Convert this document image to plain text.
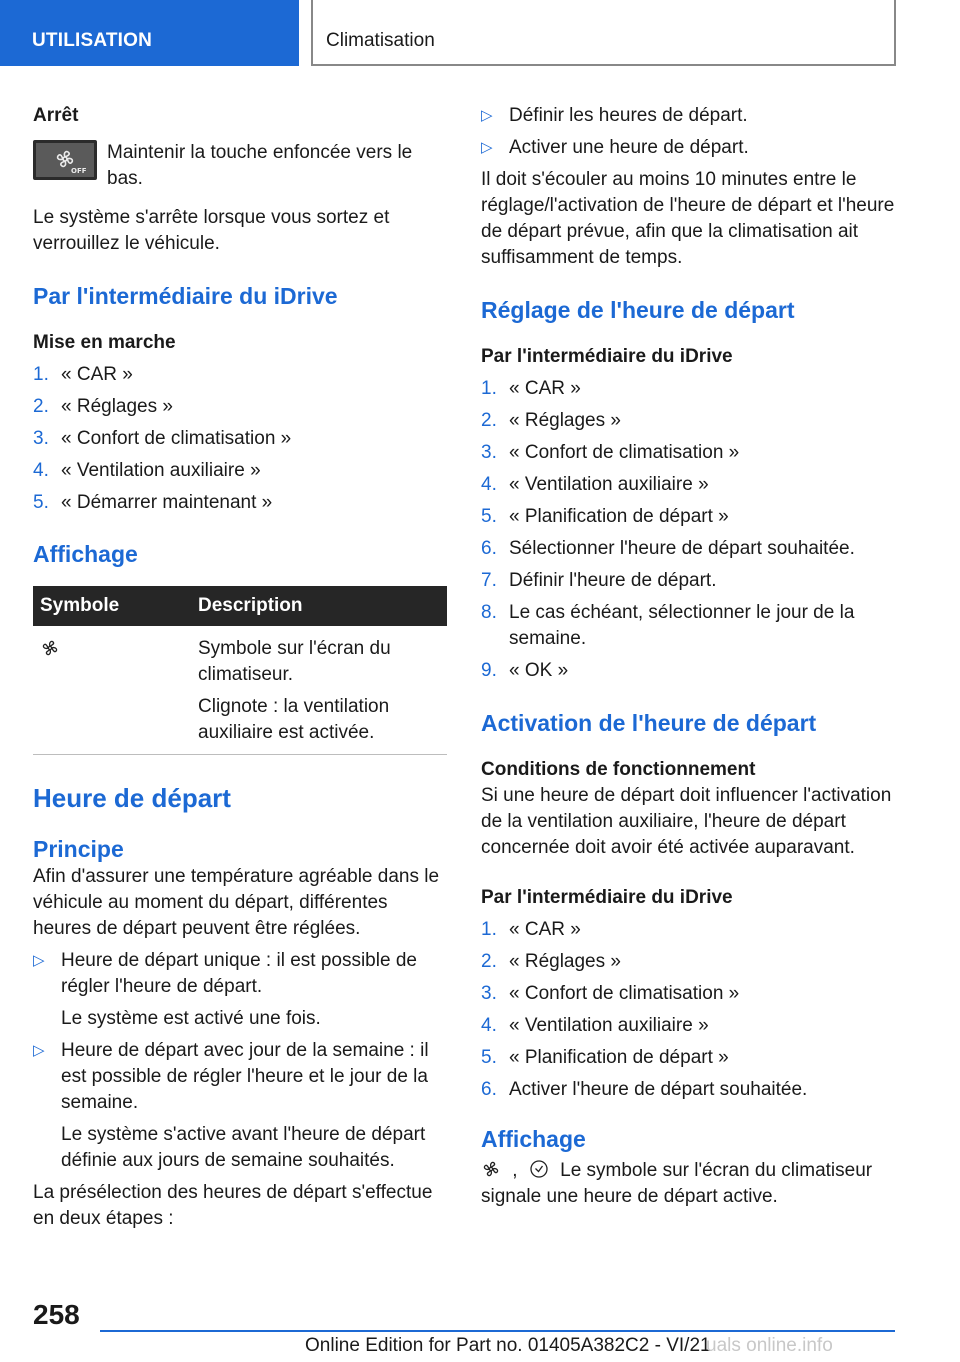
UTILISATION	Climatisation
Arrêt
OFF

Maintenir la touche enfoncée vers le bas.

Le système s'arrête lorsque vous sortez et verrouillez le véhicule.

Par l'intermédiaire du iDrive
Mise en marche
1. « CAR »
2. « Réglages »
3. « Confort de climatisation »
4. « Ventilation auxiliaire »
5. « Démarrer maintenant »
Affichage
Symbole	Description

Symbole sur l'écran du climatiseur.

Clignote : la ventilation auxiliaire est activée.

Heure de départ
Principe

Afin d'assurer une température agréable dans le véhicule au moment du départ, différentes heures de départ peuvent être réglées.

▷ Heure de départ unique : il est possible de régler l'heure de départ.

Le système est activé une fois.

▷ Heure de départ avec jour de la semaine : il est possible de régler l'heure et le jour de la semaine.

Le système s'active avant l'heure de départ définie aux jours de semaine souhaités.

La présélection des heures de départ s'effectue en deux étapes :

▷ Définir les heures de départ.
▷ Activer une heure de départ.

Il doit s'écouler au moins 10 minutes entre le réglage/l'activation de l'heure de départ et l'heure de départ prévue, afin que la climatisation ait suffisamment de temps.

Réglage de l'heure de départ
Par l'intermédiaire du iDrive
1. « CAR »
2. « Réglages »
3. « Confort de climatisation »
4. « Ventilation auxiliaire »
5. « Planification de départ »
6. Sélectionner l'heure de départ souhaitée.
7. Définir l'heure de départ.
8. Le cas échéant, sélectionner le jour de la semaine.
9. « OK »
Activation de l'heure de départ
Conditions de fonctionnement

Si une heure de départ doit influencer l'activation de la ventilation auxiliaire, l'heure de départ concernée doit avoir été activée auparavant.

Par l'intermédiaire du iDrive
1. « CAR »
2. « Réglages »
3. « Confort de climatisation »
4. « Ventilation auxiliaire »
5. « Planification de départ »
6. Activer l'heure de départ souhaitée.
Affichage

, Le symbole sur l'écran du climatiseur signale une heure de départ active.

258
Online Edition for Part no. 01405A382C2 - VI/21
uals online.info
